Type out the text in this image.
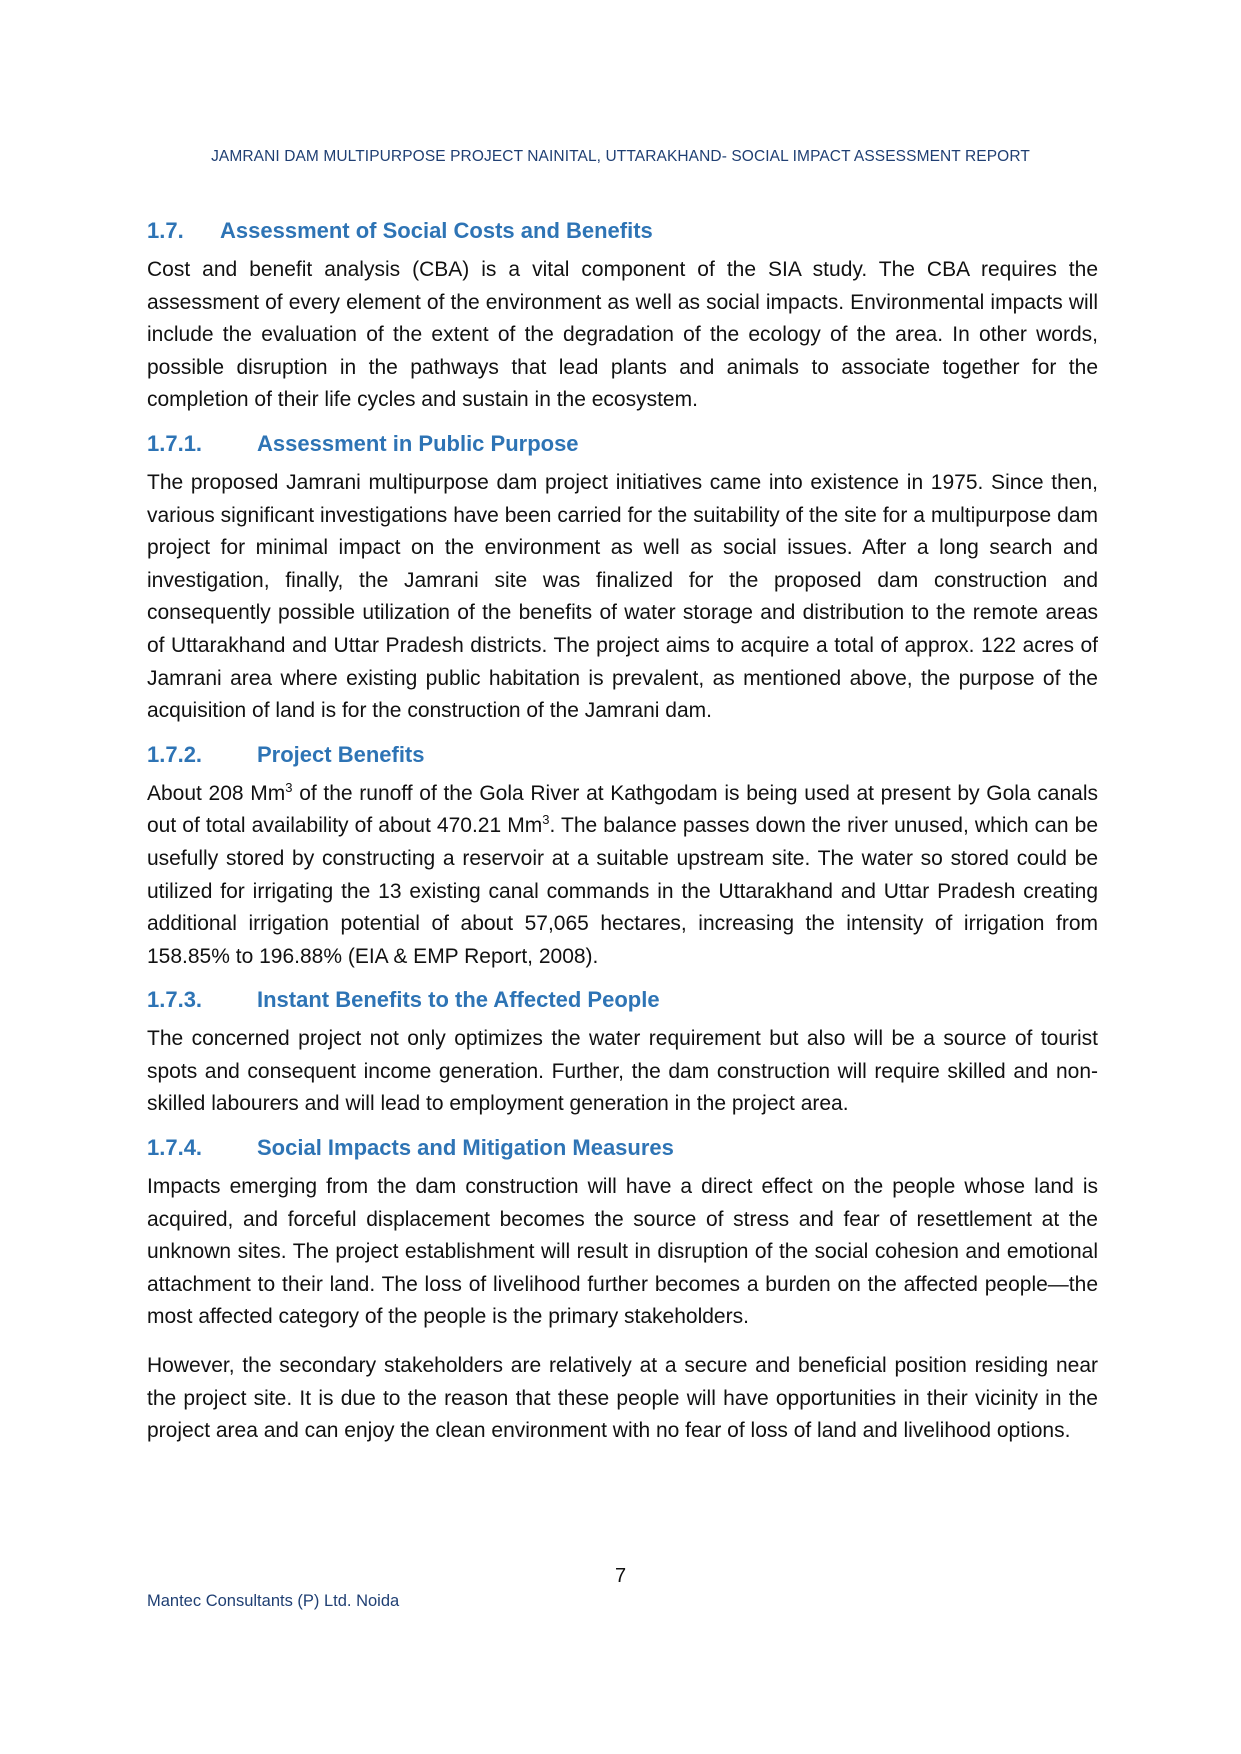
JAMRANI DAM MULTIPURPOSE PROJECT NAINITAL, UTTARAKHAND- SOCIAL IMPACT ASSESSMENT REPORT
1.7.	Assessment of Social Costs and Benefits

Cost and benefit analysis (CBA) is a vital component of the SIA study. The CBA requires the assessment of every element of the environment as well as social impacts. Environmental impacts will include the evaluation of the extent of the degradation of the ecology of the area. In other words, possible disruption in the pathways that lead plants and animals to associate together for the completion of their life cycles and sustain in the ecosystem.

1.7.1.	Assessment in Public Purpose

The proposed Jamrani multipurpose dam project initiatives came into existence in 1975. Since then, various significant investigations have been carried for the suitability of the site for a multipurpose dam project for minimal impact on the environment as well as social issues. After a long search and investigation, finally, the Jamrani site was finalized for the proposed dam construction and consequently possible utilization of the benefits of water storage and distribution to the remote areas of Uttarakhand and Uttar Pradesh districts. The project aims to acquire a total of approx. 122 acres of Jamrani area where existing public habitation is prevalent, as mentioned above, the purpose of the acquisition of land is for the construction of the Jamrani dam.

1.7.2.	Project Benefits

About 208 Mm$^3$ of the runoff of the Gola River at Kathgodam is being used at present by Gola canals out of total availability of about 470.21 Mm$^3$. The balance passes down the river unused, which can be usefully stored by constructing a reservoir at a suitable upstream site. The water so stored could be utilized for irrigating the 13 existing canal commands in the Uttarakhand and Uttar Pradesh creating additional irrigation potential of about 57,065 hectares, increasing the intensity of irrigation from 158.85% to 196.88% (EIA & EMP Report, 2008).

1.7.3.	Instant Benefits to the Affected People

The concerned project not only optimizes the water requirement but also will be a source of tourist spots and consequent income generation. Further, the dam construction will require skilled and non-skilled labourers and will lead to employment generation in the project area.

1.7.4.	Social Impacts and Mitigation Measures

Impacts emerging from the dam construction will have a direct effect on the people whose land is acquired, and forceful displacement becomes the source of stress and fear of resettlement at the unknown sites. The project establishment will result in disruption of the social cohesion and emotional attachment to their land. The loss of livelihood further becomes a burden on the affected people—the most affected category of the people is the primary stakeholders.

However, the secondary stakeholders are relatively at a secure and beneficial position residing near the project site. It is due to the reason that these people will have opportunities in their vicinity in the project area and can enjoy the clean environment with no fear of loss of land and livelihood options.

7
Mantec Consultants (P) Ltd. Noida
